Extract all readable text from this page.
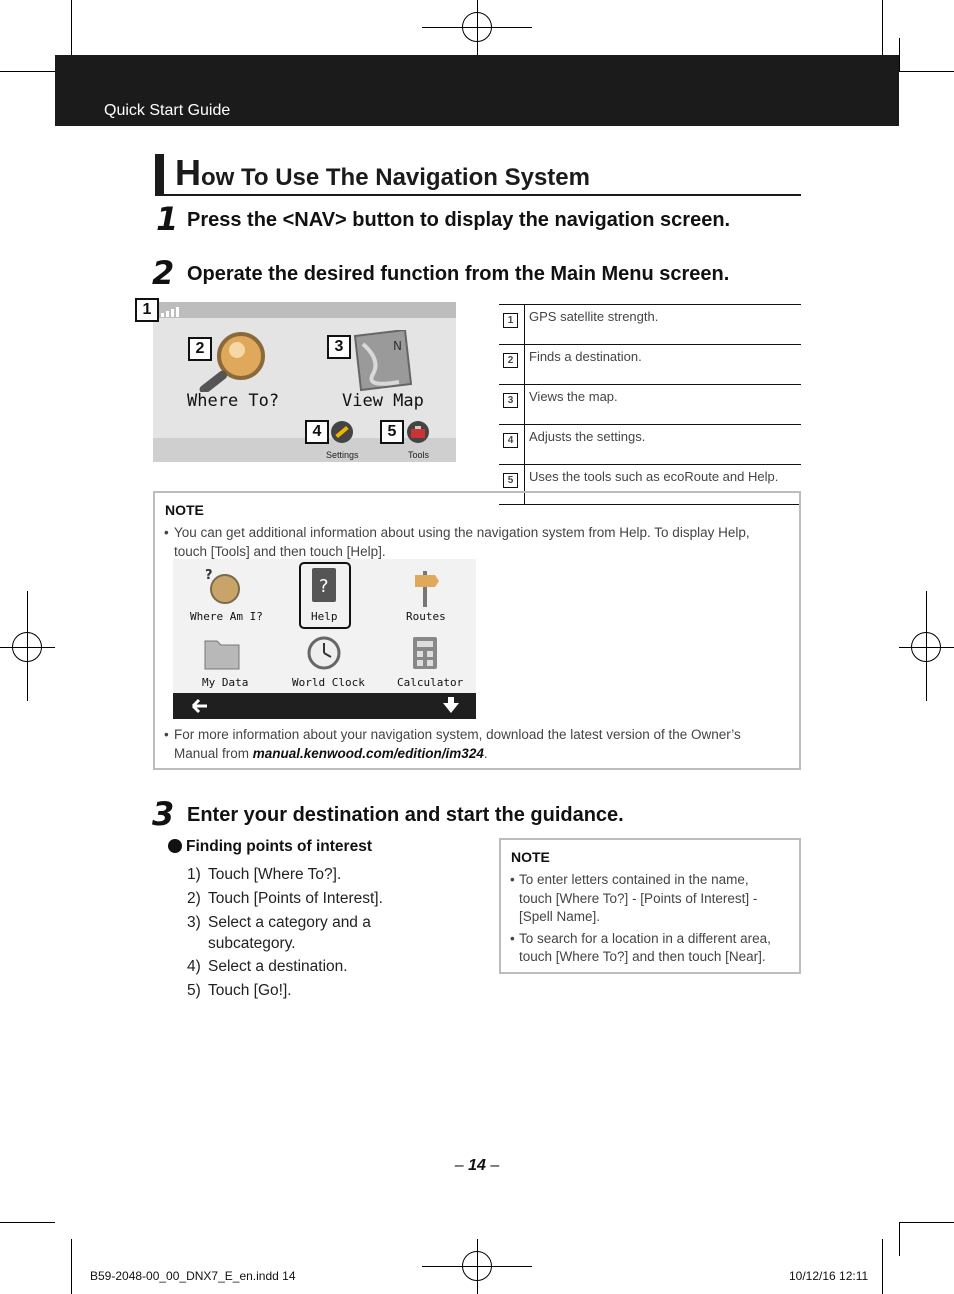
Quick Start Guide
How To Use The Navigation System
1 Press the <NAV> button to display the navigation screen.
2 Operate the desired function from the Main Menu screen.
Where To?
N
View Map
Settings	Tools
1
2	3
4	5
1	GPS satellite strength.
2	Finds a destination.
3	Views the map.
4	Adjusts the settings.
5	Uses the tools such as ecoRoute and Help.
NOTE
• You can get additional information about using the navigation system from Help. To display Help, touch [Tools] and then touch [Help].
?
Where Am I?
?
Help	Routes
My Data	World Clock	Calculator
• For more information about your navigation system, download the latest version of the Owner’s Manual from manual.kenwood.com/edition/im324.
3 Enter your destination and start the guidance.
Finding points of interest
1) Touch [Where To?].
2) Touch [Points of Interest].
3) Select a category and a
subcategory.
4) Select a destination.
5) Touch [Go!].
NOTE
• To enter letters contained in the name,
touch [Where To?] - [Points of Interest] -
[Spell Name].
• To search for a location in a different area,
touch [Where To?] and then touch [Near].
– 14 –
B59-2048-00_00_DNX7_E_en.indd 14	10/12/16 12:11
